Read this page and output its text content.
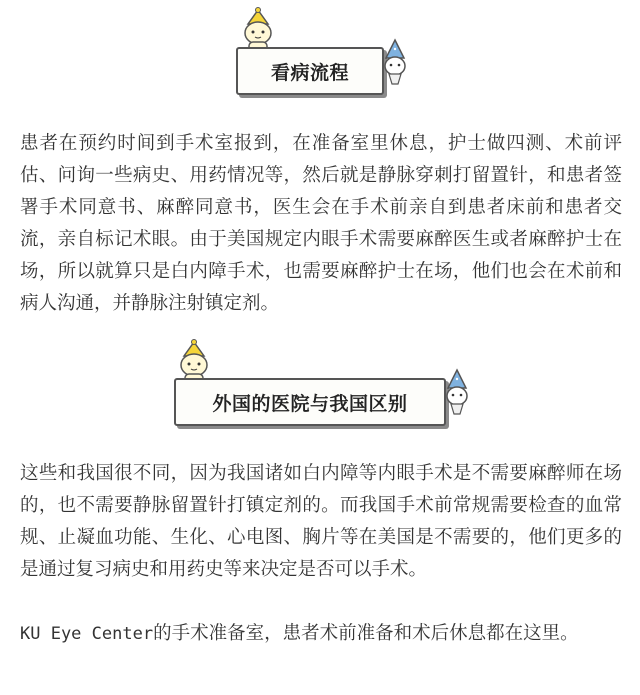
看病流程

患者在预约时间到手术室报到，在准备室里休息，护士做四测、术前评估、问询一些病史、用药情况等，然后就是静脉穿刺打留置针，和患者签署手术同意书、麻醉同意书，医生会在手术前亲自到患者床前和患者交流，亲自标记术眼。由于美国规定内眼手术需要麻醉医生或者麻醉护士在场，所以就算只是白内障手术，也需要麻醉护士在场，他们也会在术前和病人沟通，并静脉注射镇定剂。

外国的医院与我国区别

这些和我国很不同，因为我国诸如白内障等内眼手术是不需要麻醉师在场的，也不需要静脉留置针打镇定剂的。而我国手术前常规需要检查的血常规、止凝血功能、生化、心电图、胸片等在美国是不需要的，他们更多的是通过复习病史和用药史等来决定是否可以手术。

KU Eye Center的手术准备室，患者术前准备和术后休息都在这里。
